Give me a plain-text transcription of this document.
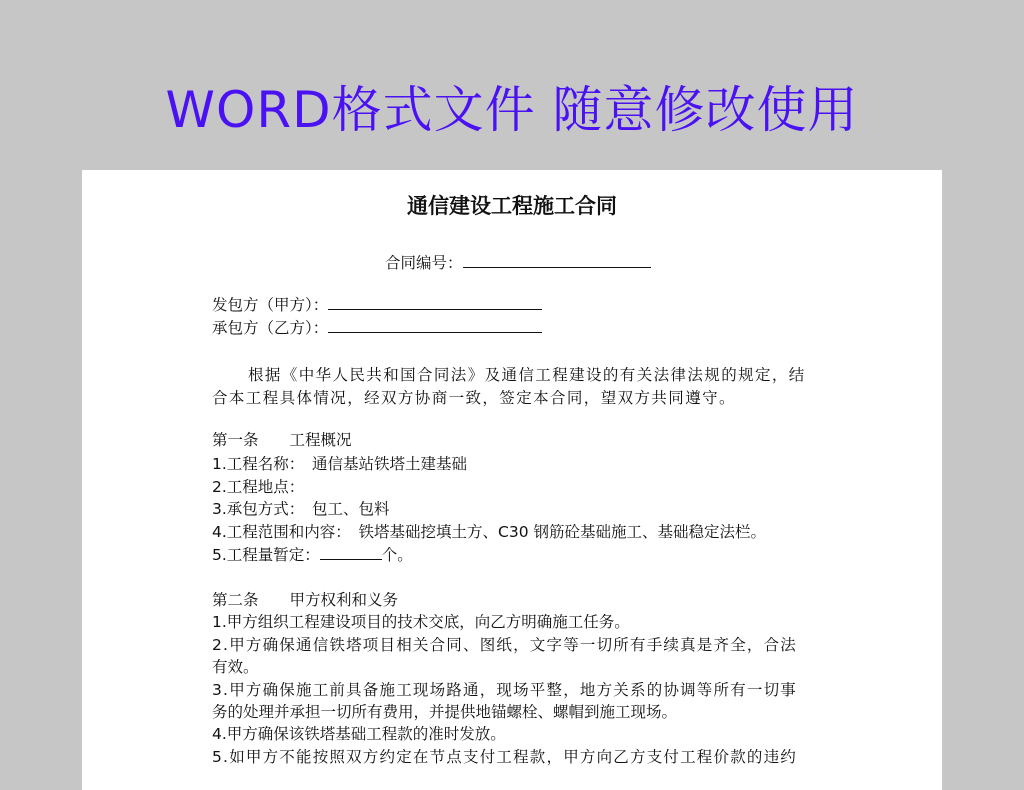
WORD格式文件 随意修改使用
通信建设工程施工合同
合同编号：
发包方（甲方）：
承包方（乙方）：
根据《中华人民共和国合同法》及通信工程建设的有关法律法规的规定，结
合本工程具体情况，经双方协商一致，签定本合同，望双方共同遵守。
第一条　　工程概况
1.工程名称：　通信基站铁塔土建基础
2.工程地点：
3.承包方式：　包工、包料
4.工程范围和内容：　铁塔基础挖填土方、C30 钢筋砼基础施工、基础稳定法栏。
5.工程量暂定：	个。
第二条　　甲方权利和义务
1.甲方组织工程建设项目的技术交底，向乙方明确施工任务。
2.甲方确保通信铁塔项目相关合同、图纸，文字等一切所有手续真是齐全，合法
有效。
3.甲方确保施工前具备施工现场路通，现场平整，地方关系的协调等所有一切事
务的处理并承担一切所有费用，并提供地锚螺栓、螺帽到施工现场。
4.甲方确保该铁塔基础工程款的准时发放。
5.如甲方不能按照双方约定在节点支付工程款，甲方向乙方支付工程价款的违约
